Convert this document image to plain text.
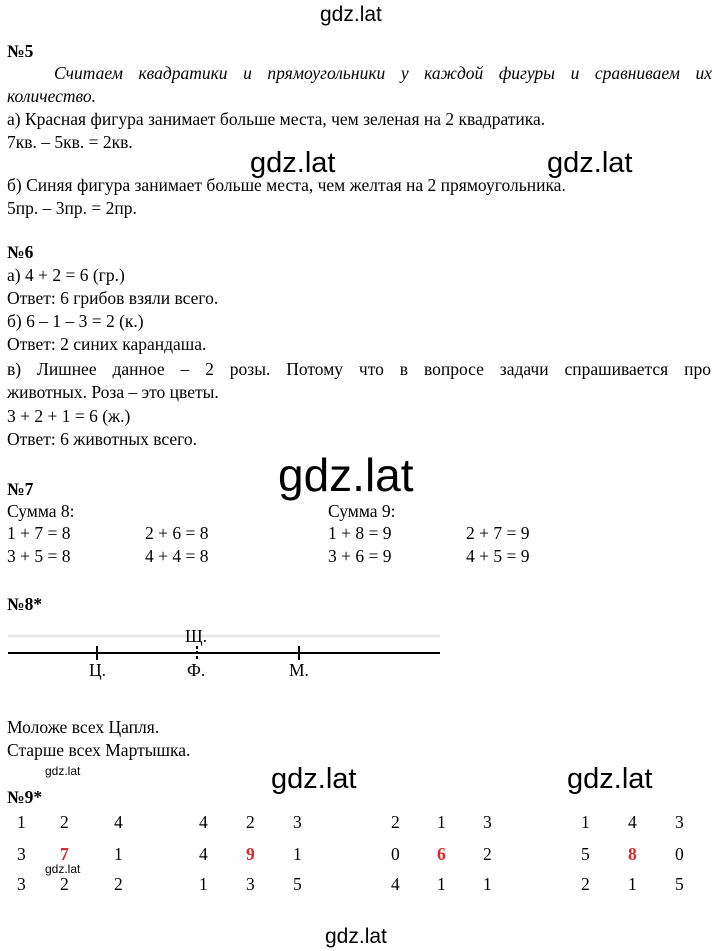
gdz.lat
gdz.lat	gdz.lat
gdz.lat
gdz.lat	gdz.lat
gdz.lat
gdz.lat
gdz.lat
№5
Считаем квадратики и прямоугольники у каждой фигуры и сравниваем их
количество.
а) Красная фигура занимает больше места, чем зеленая на 2 квадратика.
7кв. – 5кв. = 2кв.
б) Синяя фигура занимает больше места, чем желтая на 2 прямоугольника.
5пр. – 3пр. = 2пр.
№6
а) 4 + 2 = 6 (гр.)
Ответ: 6 грибов взяли всего.
б) 6 – 1 – 3 = 2 (к.)
Ответ: 2 синих карандаша.
в) Лишнее данное – 2 розы. Потому что в вопросе задачи спрашивается про
животных. Роза – это цветы.
3 + 2 + 1 = 6 (ж.)
Ответ: 6 животных всего.
№7
Сумма 8:	Сумма 9:
1 + 7 = 8	2 + 6 = 8
3 + 5 = 8	4 + 4 = 8
1 + 8 = 9	2 + 7 = 9
3 + 6 = 9	4 + 5 = 9
№8*
Щ.
Ц.	Ф.	М.
Моложе всех Цапля.
Старше всех Мартышка.
№9*
1 2	4
3 7	1
3 2	2
4 2 3
4 9 1
1 3 5
2 1 3
0 6 2
4 1 1
1 4 3
5 8 0
2 1 5
